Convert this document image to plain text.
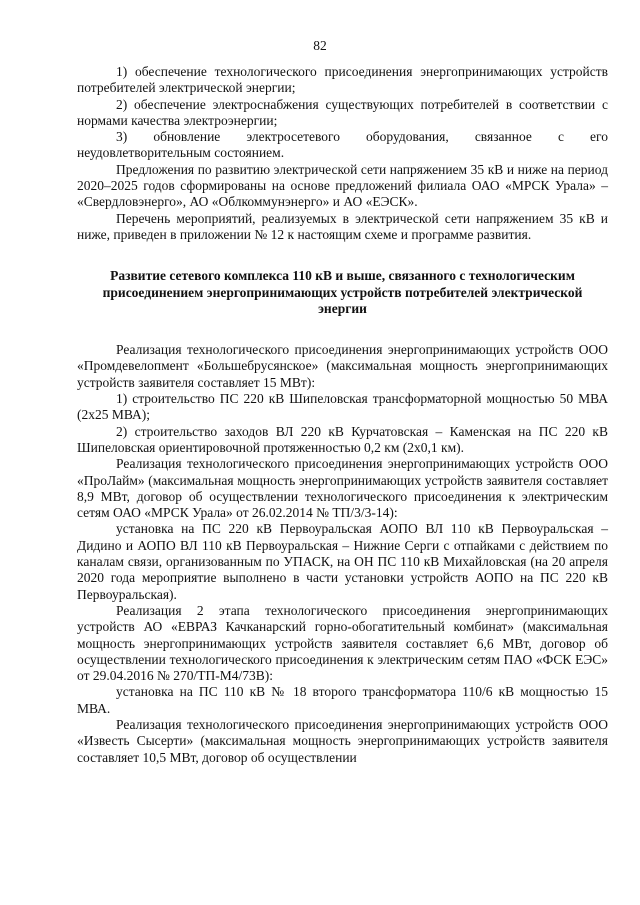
82

1) обеспечение технологического присоединения энергопринимающих устройств потребителей электрической энергии;

2) обеспечение электроснабжения существующих потребителей в соответствии с нормами качества электроэнергии;

3) обновление электросетевого оборудования, связанное с его неудовлетворительным состоянием.

Предложения по развитию электрической сети напряжением 35 кВ и ниже на период 2020–2025 годов сформированы на основе предложений филиала ОАО «МРСК Урала» – «Свердловэнерго», АО «Облкоммунэнерго» и АО «ЕЭСК».

Перечень мероприятий, реализуемых в электрической сети напряжением 35 кВ и ниже, приведен в приложении № 12 к настоящим схеме и программе развития.

Развитие сетевого комплекса 110 кВ и выше, связанного с технологическим присоединением энергопринимающих устройств потребителей электрической энергии

Реализация технологического присоединения энергопринимающих устройств ООО «Промдевелопмент «Большебрусянское» (максимальная мощность энергопринимающих устройств заявителя составляет 15 МВт):

1) строительство ПС 220 кВ Шипеловская трансформаторной мощностью 50 МВА (2х25 МВА);

2) строительство заходов ВЛ 220 кВ Курчатовская – Каменская на ПС 220 кВ Шипеловская ориентировочной протяженностью 0,2 км (2х0,1 км).

Реализация технологического присоединения энергопринимающих устройств ООО «ПроЛайм» (максимальная мощность энергопринимающих устройств заявителя составляет 8,9 МВт, договор об осуществлении технологического присоединения к электрическим сетям ОАО «МРСК Урала» от 26.02.2014 № ТП/3/3-14):

установка на ПС 220 кВ Первоуральская АОПО ВЛ 110 кВ Первоуральская – Дидино и АОПО ВЛ 110 кВ Первоуральская – Нижние Серги с отпайками с действием по каналам связи, организованным по УПАСК, на ОН ПС 110 кВ Михайловская (на 20 апреля 2020 года мероприятие выполнено в части установки устройств АОПО на ПС 220 кВ Первоуральская).

Реализация 2 этапа технологического присоединения энергопринимающих устройств АО «ЕВРАЗ Качканарский горно-обогатительный комбинат» (максимальная мощность энергопринимающих устройств заявителя составляет 6,6 МВт, договор об осуществлении технологического присоединения к электрическим сетям ПАО «ФСК ЕЭС» от 29.04.2016 № 270/ТП-М4/73В):

установка на ПС 110 кВ № 18 второго трансформатора 110/6 кВ мощностью 15 МВА.

Реализация технологического присоединения энергопринимающих устройств ООО «Известь Сысерти» (максимальная мощность энергопринимающих устройств заявителя составляет 10,5 МВт, договор об осуществлении
